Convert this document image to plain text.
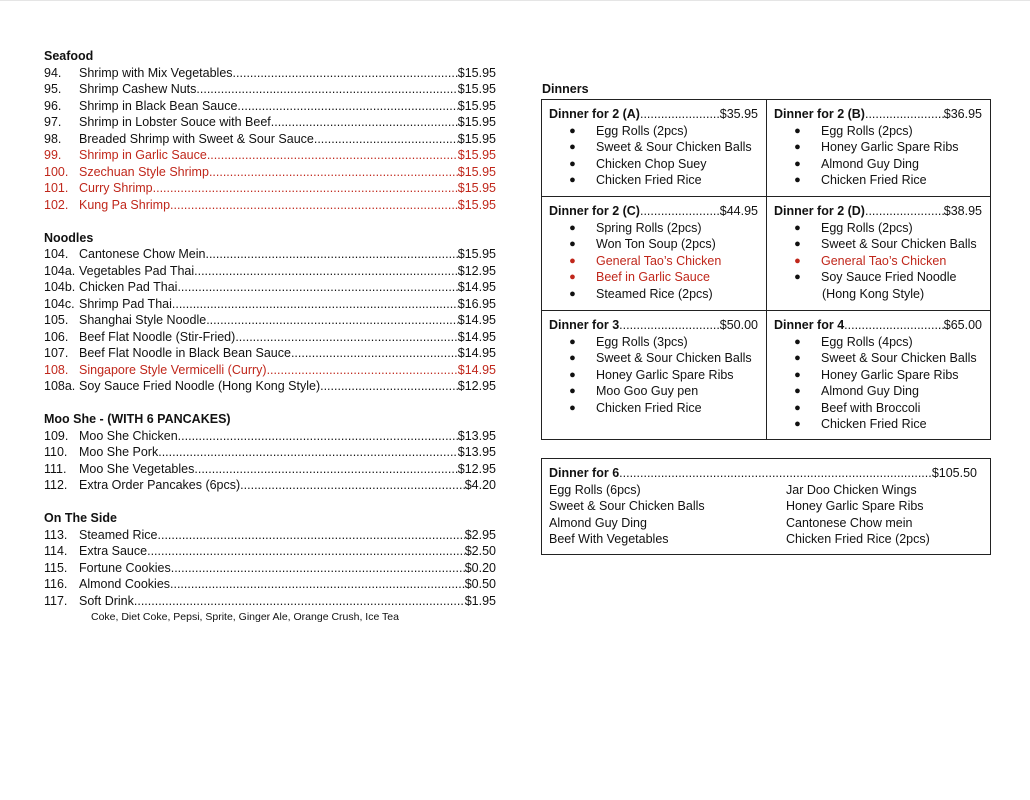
Seafood
94.	Shrimp with Mix Vegetables .....	$15.95
95.	Shrimp Cashew Nuts .....	$15.95
96.	Shrimp in Black Bean Sauce .....	$15.95
97.	Shrimp in Lobster Souce with Beef .....	$15.95
98.	Breaded Shrimp with Sweet & Sour Sauce .....	$15.95
99.	Shrimp in Garlic Sauce .....	$15.95
100. Szechuan Style Shrimp .....	$15.95
101. Curry Shrimp .....	$15.95
102. Kung Pa Shrimp .....	$15.95
Noodles
104. Cantonese Chow Mein .....	$15.95
104a. Vegetables Pad Thai .....	$12.95
104b. Chicken Pad Thai .....	$14.95
104c. Shrimp Pad Thai .....	$16.95
105. Shanghai Style Noodle .....	$14.95
106. Beef Flat Noodle (Stir-Fried) .....	$14.95
107. Beef Flat Noodle in Black Bean Sauce .....	$14.95
108. Singapore Style Vermicelli (Curry) .....	$14.95
108a. Soy Sauce Fried Noodle (Hong Kong Style) .....	$12.95
Moo She - (WITH 6 PANCAKES)
109. Moo She Chicken .....	$13.95
110. Moo She Pork .....	$13.95
111.	Moo She Vegetables .....	$12.95
112. Extra Order Pancakes (6pcs) .....	$4.20
On The Side
113. Steamed Rice .....	$2.95
114. Extra Sauce .....	$2.50
115. Fortune Cookies .....	$0.20
116. Almond Cookies .....	$0.50
117. Soft Drink .....	$1.95
Coke, Diet Coke, Pepsi, Sprite, Ginger Ale, Orange Crush, Ice Tea
Dinners
Dinner for 2 (A) .....	$35.95
●	Egg Rolls (2pcs)
●	Sweet & Sour Chicken Balls
●	Chicken Chop Suey
●	Chicken Fried Rice
Dinner for 2 (B) .....	$36.95
●	Egg Rolls (2pcs)
●	Honey Garlic Spare Ribs
●	Almond Guy Ding
●	Chicken Fried Rice
Dinner for 2 (C) .....	$44.95
●	Spring Rolls (2pcs)
●	Won Ton Soup (2pcs)
●	General Tao’s Chicken
●	Beef in Garlic Sauce
●	Steamed Rice (2pcs)
Dinner for 2 (D) .....	$38.95
●	Egg Rolls (2pcs)
●	Sweet & Sour Chicken Balls
●	General Tao’s Chicken
●	Soy Sauce Fried Noodle
(Hong Kong Style)
Dinner for 3 .....	$50.00
●	Egg Rolls (3pcs)
●	Sweet & Sour Chicken Balls
●	Honey Garlic Spare Ribs
●	Moo Goo Guy pen
●	Chicken Fried Rice
Dinner for 4 .....	$65.00
●	Egg Rolls (4pcs)
●	Sweet & Sour Chicken Balls
●	Honey Garlic Spare Ribs
●	Almond Guy Ding
●	Beef with Broccoli
●	Chicken Fried Rice
Dinner for 6 .....	$105.50
Egg Rolls (6pcs)
Sweet & Sour Chicken Balls
Almond Guy Ding
Beef With Vegetables
Jar Doo Chicken Wings
Honey Garlic Spare Ribs
Cantonese Chow mein
Chicken Fried Rice (2pcs)
